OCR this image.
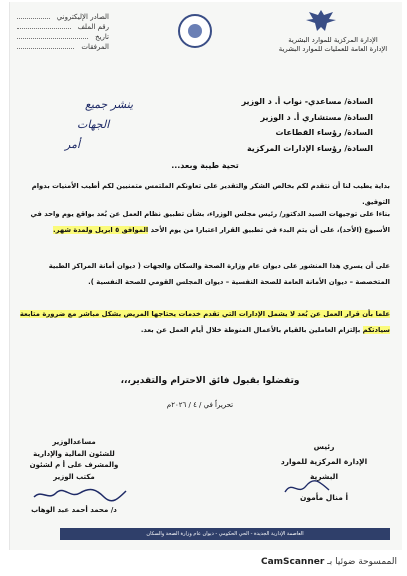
الصادر الإليكتروني
رقم الملف
تاريخ
المرفقات
الإدارة المركزية للموارد البشرية
الإدارة العامة للعمليات للموارد البشرية
ينشر جميع
الجهات
أمر
السادة/ مساعدي- نواب أ. د الوزير
السادة/ مستشاري أ. د الوزير
السادة/ رؤساء القطاعات
السادة/ رؤساء الإدارات المركزية
تحية طيبة وبعد...
بداية يطيب لنا أن نتقدم لكم بخالص الشكر والتقدير على تعاونكم الملتمس متمنيين لكم أطيب الأمنيات بدوام التوفيق.
بناءا على توجيهات السيد الدكتور/ رئيس مجلس الوزراء، بشأن تطبيق نظام العمل عن بُعد بواقع يوم واحد في الأسبوع (الأحد)، على أن يتم البدء في تطبيق القرار اعتبارا من يوم الأحد الموافق ٥ ابريل ولمدة شهر.
على أن يسري هذا المنشور على ديوان عام وزارة الصحة والسكان والجهات ( ديوان أمانة المراكز الطبية المتخصصة – ديوان الأمانة العامة للصحة النفسية – ديوان المجلس القومي للصحة النفسية ).
علما بأن قرار العمل عن بُعد لا يشمل الإدارات التي تقدم خدمات يحتاجها المريض بشكل مباشر مع ضرورة متابعة سيادتكم بإلتزام العاملين بالقيام بالأعمال المنوطة خلال أيام العمل عن بعد.
وتفضلوا بقبول فائق الاحترام والتقدير،،،
تحريراً في / ٤ / ٢٠٢٦م
رئيس
الإدارة المركزية للموارد البشرية
أ منال مأمون
مساعدالوزير
للشئون المالية والإدارية
والمشرف على أ م لشئون مكتب الوزير
د/ محمد أحمد عبد الوهاب
العاصمة الإدارية الجديدة - الحي الحكومي - ديوان عام وزارة الصحة والسكان
الممسوحة ضوئيا بـ CamScanner
